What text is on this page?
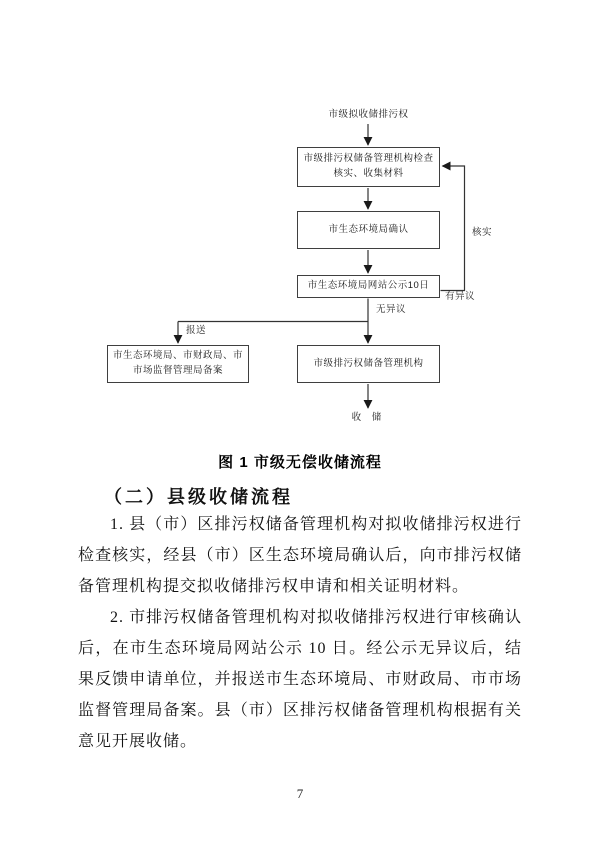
市级拟收储排污权
市级排污权储备管理机构检查核实、收集材料
市生态环境局确认
市生态环境局网站公示10日
市生态环境局、市财政局、市市场监督管理局备案
市级排污权储备管理机构
核实
有异议
无异议
报送
收 储
图 1 市级无偿收储流程
（二）县级收储流程

1. 县（市）区排污权储备管理机构对拟收储排污权进行检查核实，经县（市）区生态环境局确认后，向市排污权储备管理机构提交拟收储排污权申请和相关证明材料。

2. 市排污权储备管理机构对拟收储排污权进行审核确认后，在市生态环境局网站公示 10 日。经公示无异议后，结果反馈申请单位，并报送市生态环境局、市财政局、市市场监督管理局备案。县（市）区排污权储备管理机构根据有关意见开展收储。

7
